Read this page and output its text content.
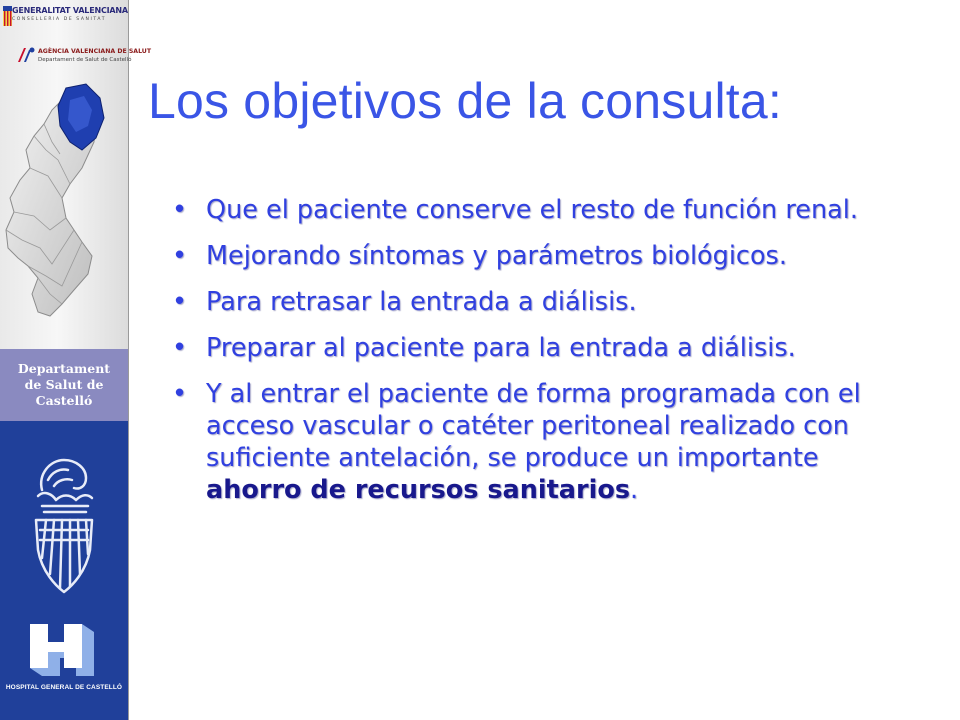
GENERALITAT VALENCIANA
CONSELLERIA DE SANITAT
AGÈNCIA VALENCIANA DE SALUT
Departament de Salut de Castelló
Departament
de Salut de
Castelló
HOSPITAL GENERAL DE CASTELLÓ
Los objetivos de la consulta:
• Que el paciente conserve el resto de función renal.
• Mejorando síntomas y parámetros biológicos.
• Para retrasar la entrada a diálisis.
• Preparar al paciente para la entrada a diálisis.
• Y al entrar el paciente de forma programada con el acceso vascular o catéter peritoneal realizado con suficiente antelación, se produce un importante ahorro de recursos sanitarios.
